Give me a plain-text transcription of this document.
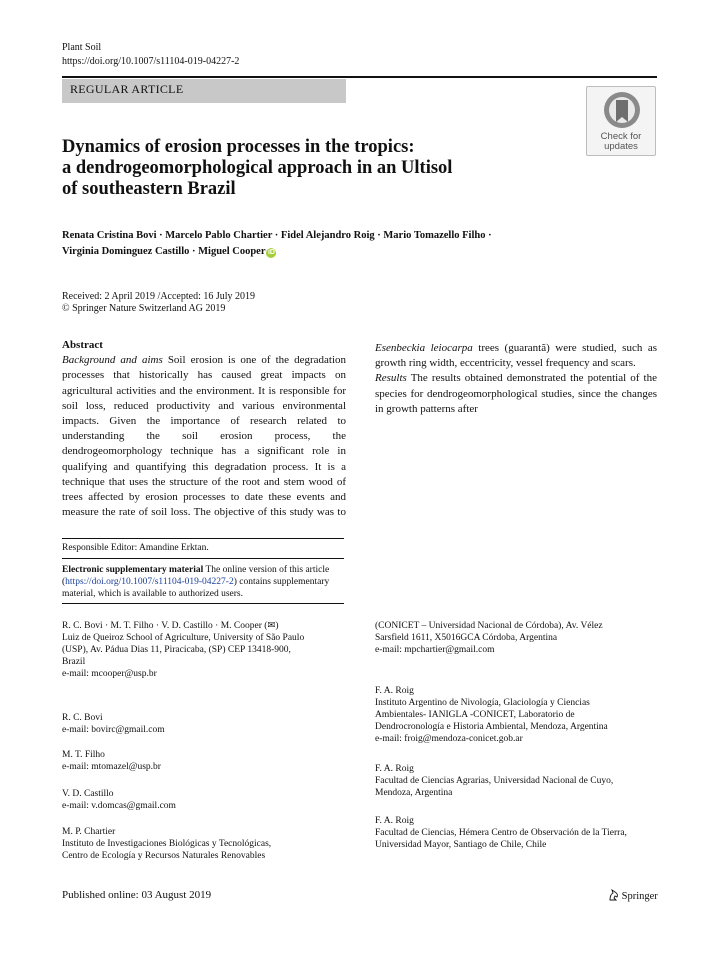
Plant Soil
https://doi.org/10.1007/s11104-019-04227-2
REGULAR ARTICLE
Check for
updates
Dynamics of erosion processes in the tropics:
a dendrogeomorphological approach in an Ultisol
of southeastern Brazil
Renata Cristina Bovi · Marcelo Pablo Chartier · Fidel Alejandro Roig · Mario Tomazello Filho ·
Virginia Dominguez Castillo · Miguel Cooper iD
Received: 2 April 2019 /Accepted: 16 July 2019
© Springer Nature Switzerland AG 2019
Abstract

Background and aims Soil erosion is one of the degradation processes that historically has caused great impacts on agricultural activities and the environment. It is responsible for soil loss, reduced productivity and various environmental impacts. Given the importance of research related to understanding the soil erosion process, the dendrogeomorphology technique has a significant role in qualifying and quantifying this degradation process. It is a technique that uses the structure of the root and stem wood of trees affected by erosion processes to date these events and measure the rate of soil loss. The objective of this study was to

Esenbeckia leiocarpa trees (guarantã) were studied, such as growth ring width, eccentricity, vessel frequency and scars.

Results The results obtained demonstrated the potential of the species for dendrogeomorphological studies, since the changes in growth patterns after

Responsible Editor: Amandine Erktan.
Electronic supplementary material The online version of this article (https://doi.org/10.1007/s11104-019-04227-2) contains supplementary material, which is available to authorized users.
R. C. Bovi · M. T. Filho · V. D. Castillo · M. Cooper (✉)
Luiz de Queiroz School of Agriculture, University of São Paulo
(USP), Av. Pádua Dias 11, Piracicaba, (SP) CEP 13418-900,
Brazil
e-mail: mcooper@usp.br
R. C. Bovi
e-mail: bovirc@gmail.com
M. T. Filho
e-mail: mtomazel@usp.br
V. D. Castillo
e-mail: v.domcas@gmail.com
M. P. Chartier
Instituto de Investigaciones Biológicas y Tecnológicas,
Centro de Ecología y Recursos Naturales Renovables
(CONICET – Universidad Nacional de Córdoba), Av. Vélez
Sarsfield 1611, X5016GCA Córdoba, Argentina
e-mail: mpchartier@gmail.com
F. A. Roig
Instituto Argentino de Nivología, Glaciología y Ciencias
Ambientales- IANIGLA -CONICET, Laboratorio de
Dendrocronología e Historia Ambiental, Mendoza, Argentina
e-mail: froig@mendoza-conicet.gob.ar
F. A. Roig
Facultad de Ciencias Agrarias, Universidad Nacional de Cuyo,
Mendoza, Argentina
F. A. Roig
Facultad de Ciencias, Hémera Centro de Observación de la Tierra,
Universidad Mayor, Santiago de Chile, Chile
Published online: 03 August 2019	Springer
